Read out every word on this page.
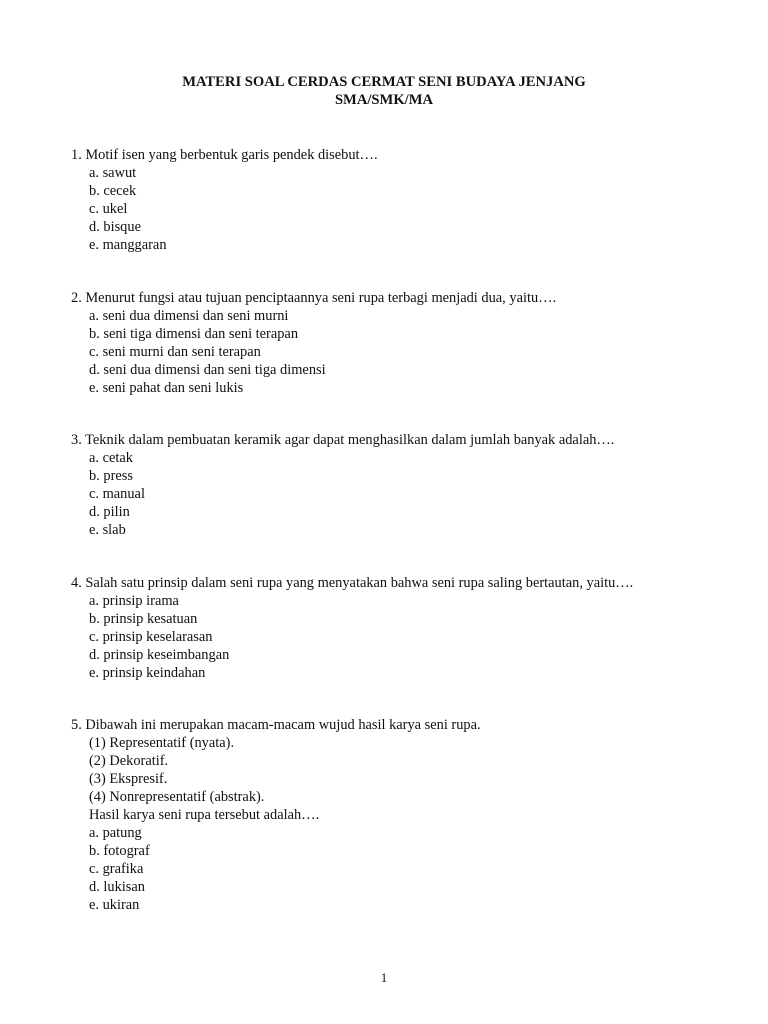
MATERI SOAL CERDAS CERMAT SENI BUDAYA JENJANG
SMA/SMK/MA
1. Motif isen yang berbentuk garis pendek disebut….
a. sawut
b. cecek
c. ukel
d. bisque
e. manggaran
2. Menurut fungsi atau tujuan penciptaannya seni rupa terbagi menjadi dua, yaitu….
a. seni dua dimensi dan seni murni
b. seni tiga dimensi dan seni terapan
c. seni murni dan seni terapan
d. seni dua dimensi dan seni tiga dimensi
e. seni pahat dan seni lukis
3. Teknik dalam pembuatan keramik agar dapat menghasilkan dalam jumlah banyak adalah….
a. cetak
b. press
c. manual
d. pilin
e. slab
4. Salah satu prinsip dalam seni rupa yang menyatakan bahwa seni rupa saling bertautan, yaitu….
a. prinsip irama
b. prinsip kesatuan
c. prinsip keselarasan
d. prinsip keseimbangan
e. prinsip keindahan
5. Dibawah ini merupakan macam-macam wujud hasil karya seni rupa.
(1) Representatif (nyata).
(2) Dekoratif.
(3) Ekspresif.
(4) Nonrepresentatif (abstrak).
Hasil karya seni rupa tersebut adalah….
a. patung
b. fotograf
c. grafika
d. lukisan
e. ukiran
1
